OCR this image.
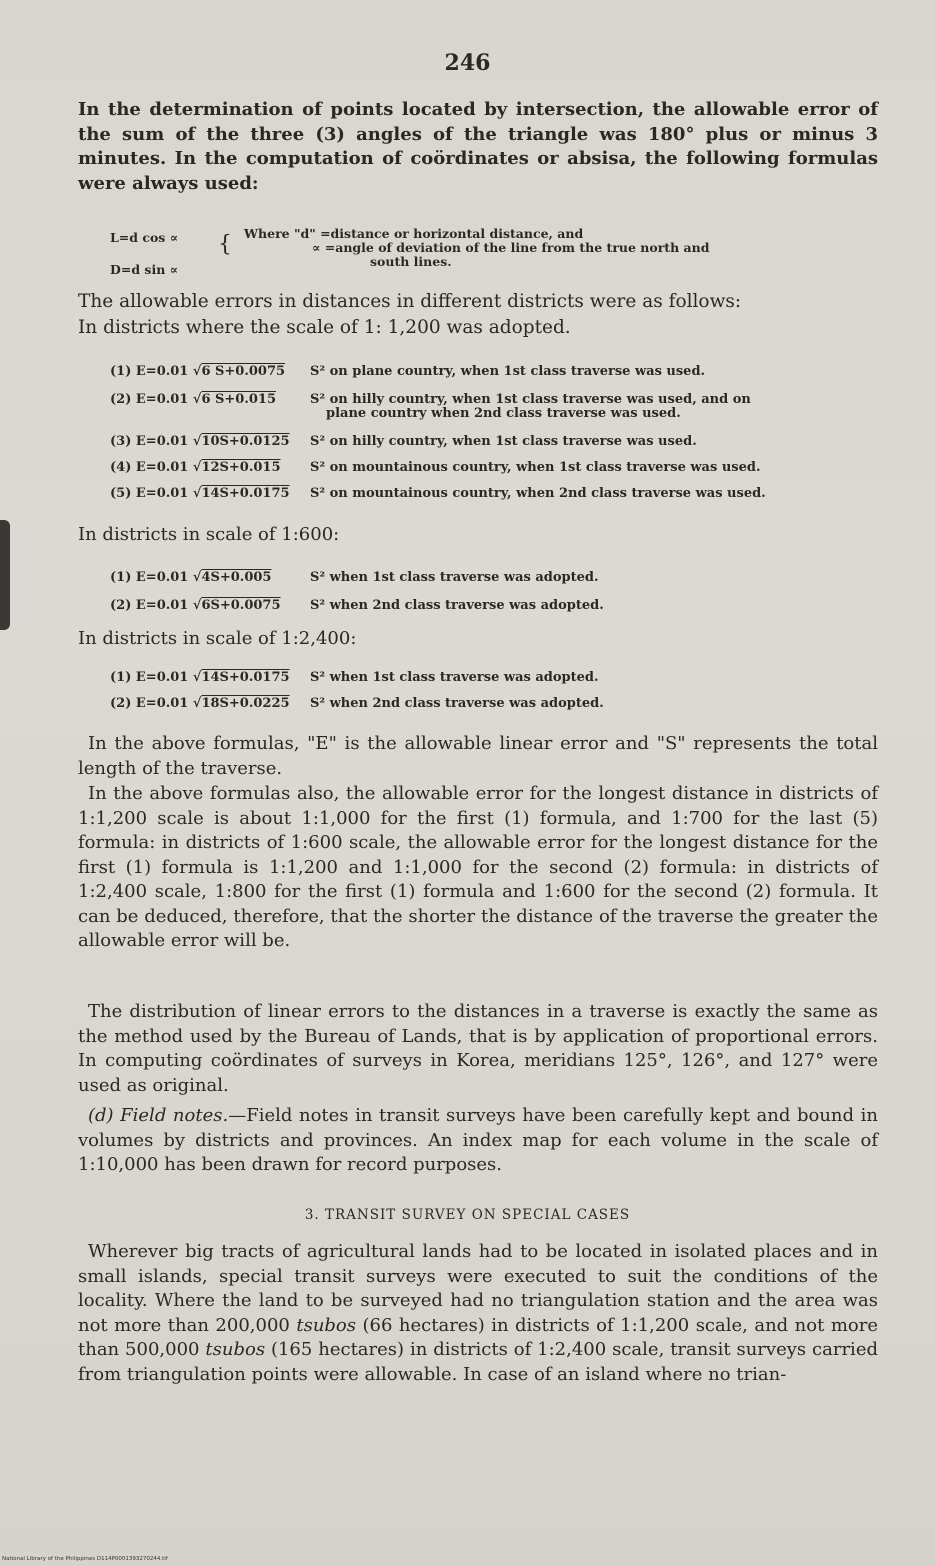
246

In the determination of points located by intersection, the allowable error of the sum of the three (3) angles of the triangle was 180° plus or minus 3 minutes. In the computation of coördinates or absisa, the following formulas were always used:

L=d cos ∝
D=d sin ∝
{ Where "d" =distance or horizontal distance, and
∝ =angle of deviation of the line from the true north and
south lines.

The allowable errors in distances in different districts were as follows:

In districts where the scale of 1: 1,200 was adopted.

(1) E=0.01 √6 S+0.0075 S² on plane country, when 1st class traverse was used.
(2) E=0.01 √6 S+0.015	S² on hilly country, when 1st class traverse was used, and on
plane country when 2nd class traverse was used.
(3) E=0.01 √10S+0.0125 S² on hilly country, when 1st class traverse was used.
(4) E=0.01 √12S+0.015 S² on mountainous country, when 1st class traverse was used.
(5) E=0.01 √14S+0.0175 S² on mountainous country, when 2nd class traverse was used.
In districts in scale of 1:600:
(1) E=0.01 √4S+0.005	S² when 1st class traverse was adopted.
(2) E=0.01 √6S+0.0075 S² when 2nd class traverse was adopted.
In districts in scale of 1:2,400:
(1) E=0.01 √14S+0.0175 S² when 1st class traverse was adopted.
(2) E=0.01 √18S+0.0225 S² when 2nd class traverse was adopted.

In the above formulas, "E" is the allowable linear error and "S" represents the total length of the traverse.

In the above formulas also, the allowable error for the longest distance in districts of 1:1,200 scale is about 1:1,000 for the first (1) formula, and 1:700 for the last (5) formula: in districts of 1:600 scale, the allowable error for the longest distance for the first (1) formula is 1:1,200 and 1:1,000 for the second (2) formula: in districts of 1:2,400 scale, 1:800 for the first (1) formula and 1:600 for the second (2) formula. It can be deduced, therefore, that the shorter the distance of the traverse the greater the allowable error will be.

The distribution of linear errors to the distances in a traverse is exactly the same as the method used by the Bureau of Lands, that is by application of proportional errors. In computing coördinates of surveys in Korea, meridians 125°, 126°, and 127° were used as original.

(d) Field notes.—Field notes in transit surveys have been carefully kept and bound in volumes by districts and provinces. An index map for each volume in the scale of 1:10,000 has been drawn for record purposes.

3. TRANSIT SURVEY ON SPECIAL CASES

Wherever big tracts of agricultural lands had to be located in isolated places and in small islands, special transit surveys were executed to suit the conditions of the locality. Where the land to be surveyed had no triangulation station and the area was not more than 200,000 tsubos (66 hectares) in districts of 1:1,200 scale, and not more than 500,000 tsubos (165 hectares) in districts of 1:2,400 scale, transit surveys carried from triangulation points were allowable. In case of an island where no trian-

National Library of the Philippines D114P0001393270244.tif
